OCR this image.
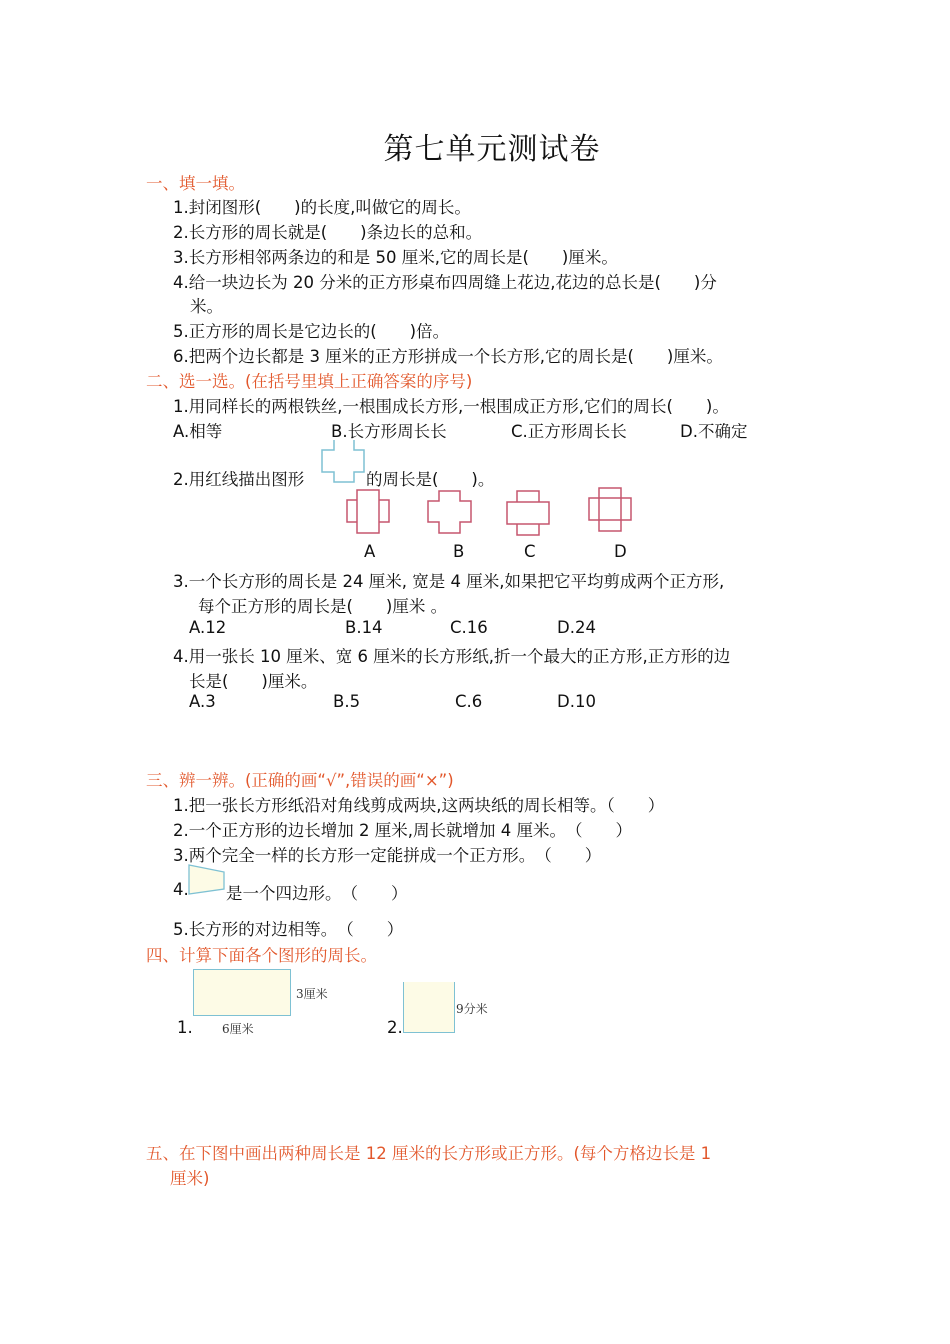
第七单元测试卷
一、填一填。
1.封闭图形(　　)的长度,叫做它的周长。
2.长方形的周长就是(　　)条边长的总和。
3.长方形相邻两条边的和是 50 厘米,它的周长是(　　)厘米。
4.给一块边长为 20 分米的正方形桌布四周缝上花边,花边的总长是(　　)分
米。
5.正方形的周长是它边长的(　　)倍。
6.把两个边长都是 3 厘米的正方形拼成一个长方形,它的周长是(　　)厘米。
二、选一选。(在括号里填上正确答案的序号)
1.用同样长的两根铁丝,一根围成长方形,一根围成正方形,它们的周长(　　)。
A.相等	B.长方形周长长	C.正方形周长长	D.不确定
2.用红线描出图形	的周长是(　　)。
A	B	C	D
3.一个长方形的周长是 24 厘米, 宽是 4 厘米,如果把它平均剪成两个正方形,
每个正方形的周长是(　　)厘米 。
A.12	B.14	C.16	D.24
4.用一张长 10 厘米、宽 6 厘米的长方形纸,折一个最大的正方形,正方形的边
长是(　　)厘米。
A.3	B.5	C.6	D.10
三、辨一辨。(正确的画“√”,错误的画“×”)
1.把一张长方形纸沿对角线剪成两块,这两块纸的周长相等。（　　）
2.一个正方形的边长增加 2 厘米,周长就增加 4 厘米。　（　　）
3.两个完全一样的长方形一定能拼成一个正方形。　（　　）
4. 是一个四边形。　（　　）
5.长方形的对边相等。　（　　）
四、计算下面各个图形的周长。
3厘米
6厘米
1.
9分米
2.
五、在下图中画出两种周长是 12 厘米的长方形或正方形。(每个方格边长是 1
厘米)
